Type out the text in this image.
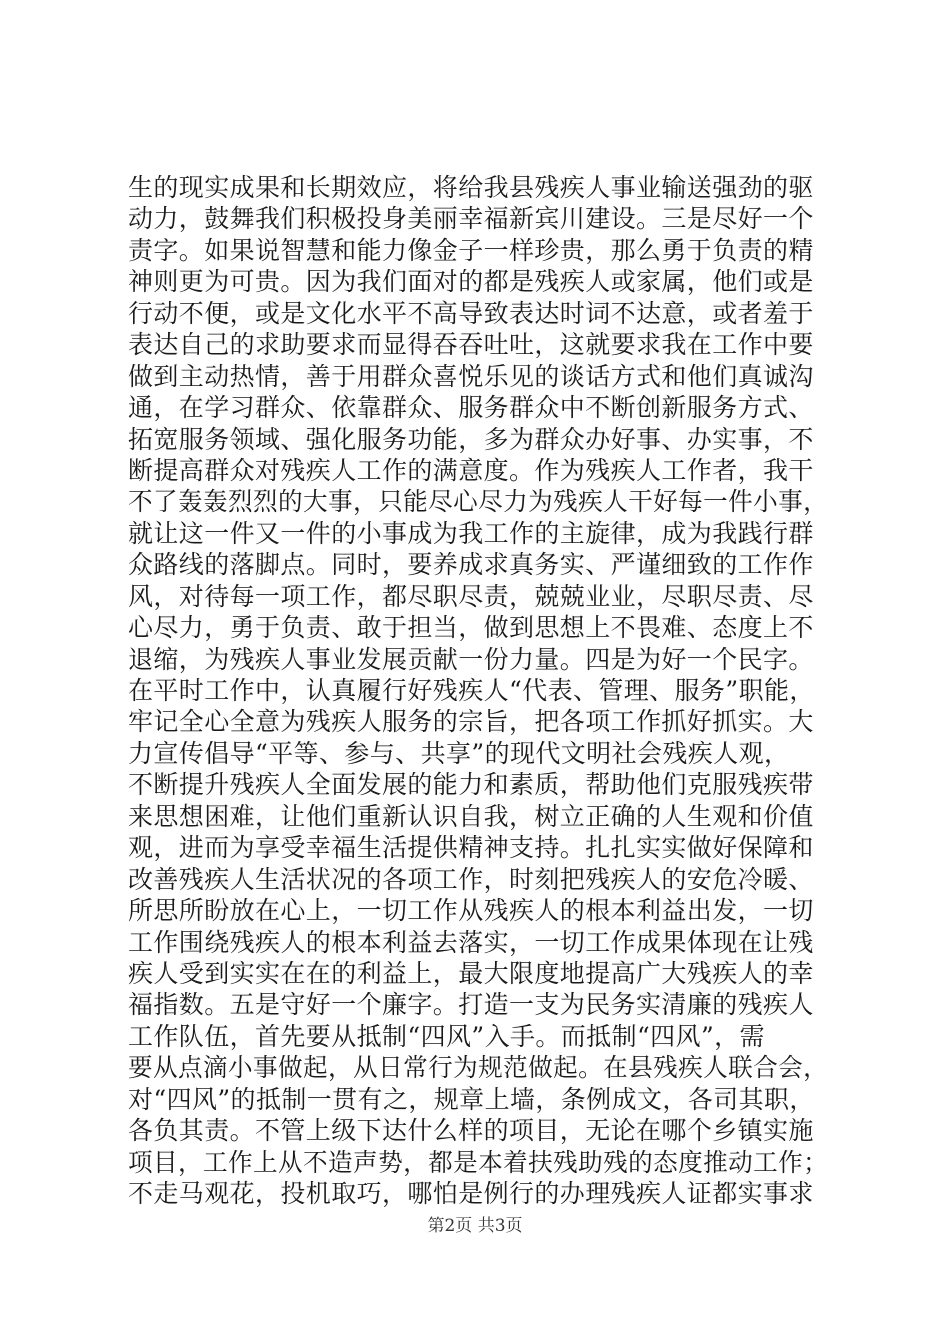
生的现实成果和长期效应，将给我县残疾人事业输送强劲的驱
动力，鼓舞我们积极投身美丽幸福新宾川建设。三是尽好一个
责字。如果说智慧和能力像金子一样珍贵，那么勇于负责的精
神则更为可贵。因为我们面对的都是残疾人或家属，他们或是
行动不便，或是文化水平不高导致表达时词不达意，或者羞于
表达自己的求助要求而显得吞吞吐吐，这就要求我在工作中要
做到主动热情，善于用群众喜悦乐见的谈话方式和他们真诚沟
通，在学习群众、依靠群众、服务群众中不断创新服务方式、
拓宽服务领域、强化服务功能，多为群众办好事、办实事，不
断提高群众对残疾人工作的满意度。作为残疾人工作者，我干
不了轰轰烈烈的大事，只能尽心尽力为残疾人干好每一件小事，
就让这一件又一件的小事成为我工作的主旋律，成为我践行群
众路线的落脚点。同时，要养成求真务实、严谨细致的工作作
风，对待每一项工作，都尽职尽责，兢兢业业，尽职尽责、尽
心尽力，勇于负责、敢于担当，做到思想上不畏难、态度上不
退缩，为残疾人事业发展贡献一份力量。四是为好一个民字。
在平时工作中，认真履行好残疾人“代表、管理、服务”职能，
牢记全心全意为残疾人服务的宗旨，把各项工作抓好抓实。大
力宣传倡导“平等、参与、共享”的现代文明社会残疾人观，
不断提升残疾人全面发展的能力和素质，帮助他们克服残疾带
来思想困难，让他们重新认识自我，树立正确的人生观和价值
观，进而为享受幸福生活提供精神支持。扎扎实实做好保障和
改善残疾人生活状况的各项工作，时刻把残疾人的安危冷暖、
所思所盼放在心上，一切工作从残疾人的根本利益出发，一切
工作围绕残疾人的根本利益去落实，一切工作成果体现在让残
疾人受到实实在在的利益上，最大限度地提高广大残疾人的幸
福指数。五是守好一个廉字。打造一支为民务实清廉的残疾人
工作队伍，首先要从抵制“四风”入手。而抵制“四风”，需
要从点滴小事做起，从日常行为规范做起。在县残疾人联合会，
对“四风”的抵制一贯有之，规章上墙，条例成文，各司其职，
各负其责。不管上级下达什么样的项目，无论在哪个乡镇实施
项目，工作上从不造声势，都是本着扶残助残的态度推动工作；
不走马观花，投机取巧，哪怕是例行的办理残疾人证都实事求
第2页 共3页
